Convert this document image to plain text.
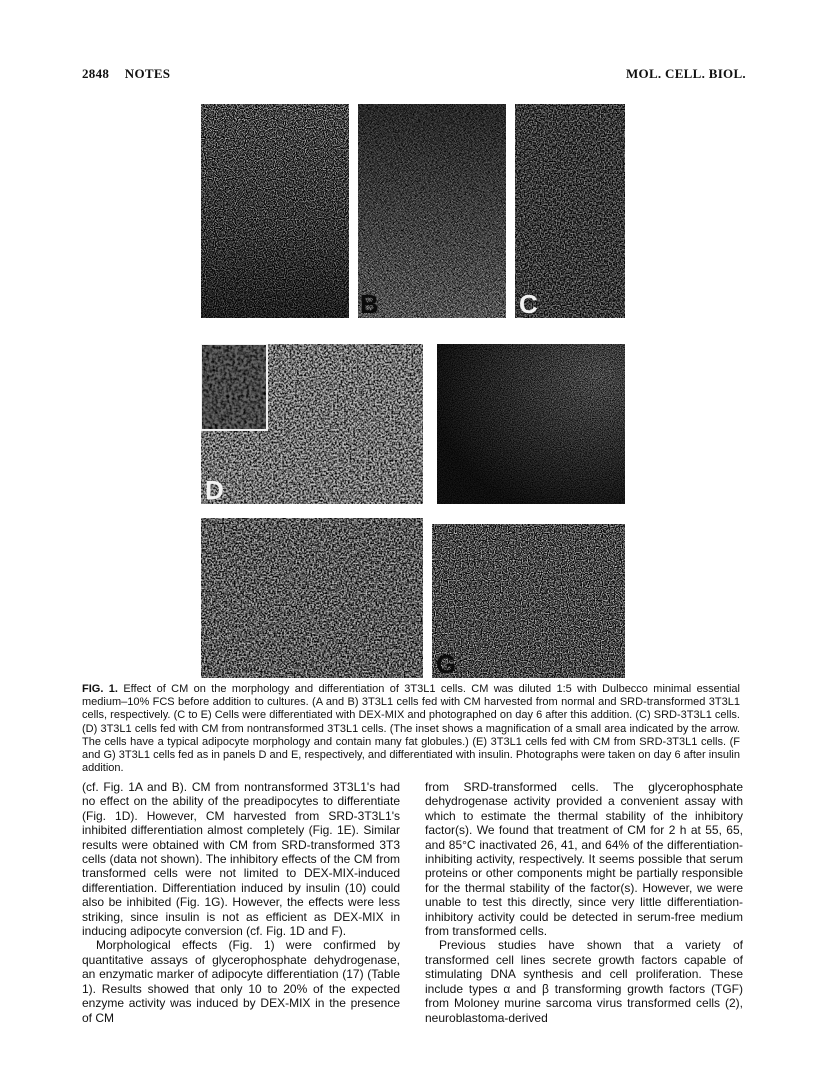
2848 NOTES	MOL. CELL. BIOL.
B	C
D
G
FIG. 1. Effect of CM on the morphology and differentiation of 3T3L1 cells. CM was diluted 1:5 with Dulbecco minimal essential medium–10% FCS before addition to cultures. (A and B) 3T3L1 cells fed with CM harvested from normal and SRD-transformed 3T3L1 cells, respectively. (C to E) Cells were differentiated with DEX-MIX and photographed on day 6 after this addition. (C) SRD-3T3L1 cells. (D) 3T3L1 cells fed with CM from nontransformed 3T3L1 cells. (The inset shows a magnification of a small area indicated by the arrow. The cells have a typical adipocyte morphology and contain many fat globules.) (E) 3T3L1 cells fed with CM from SRD-3T3L1 cells. (F and G) 3T3L1 cells fed as in panels D and E, respectively, and differentiated with insulin. Photographs were taken on day 6 after insulin addition.

(cf. Fig. 1A and B). CM from nontransformed 3T3L1's had no effect on the ability of the preadipocytes to differentiate (Fig. 1D). However, CM harvested from SRD-3T3L1's inhibited differentiation almost completely (Fig. 1E). Similar results were obtained with CM from SRD-transformed 3T3 cells (data not shown). The inhibitory effects of the CM from transformed cells were not limited to DEX-MIX-induced differentiation. Differentiation induced by insulin (10) could also be inhibited (Fig. 1G). However, the effects were less striking, since insulin is not as efficient as DEX-MIX in inducing adipocyte conversion (cf. Fig. 1D and F).

Morphological effects (Fig. 1) were confirmed by quantitative assays of glycerophosphate dehydrogenase, an enzymatic marker of adipocyte differentiation (17) (Table 1). Results showed that only 10 to 20% of the expected enzyme activity was induced by DEX-MIX in the presence of CM

from SRD-transformed cells. The glycerophosphate dehydrogenase activity provided a convenient assay with which to estimate the thermal stability of the inhibitory factor(s). We found that treatment of CM for 2 h at 55, 65, and 85°C inactivated 26, 41, and 64% of the differentiation-inhibiting activity, respectively. It seems possible that serum proteins or other components might be partially responsible for the thermal stability of the factor(s). However, we were unable to test this directly, since very little differentiation-inhibitory activity could be detected in serum-free medium from transformed cells.

Previous studies have shown that a variety of transformed cell lines secrete growth factors capable of stimulating DNA synthesis and cell proliferation. These include types α and β transforming growth factors (TGF) from Moloney murine sarcoma virus transformed cells (2), neuroblastoma-derived
